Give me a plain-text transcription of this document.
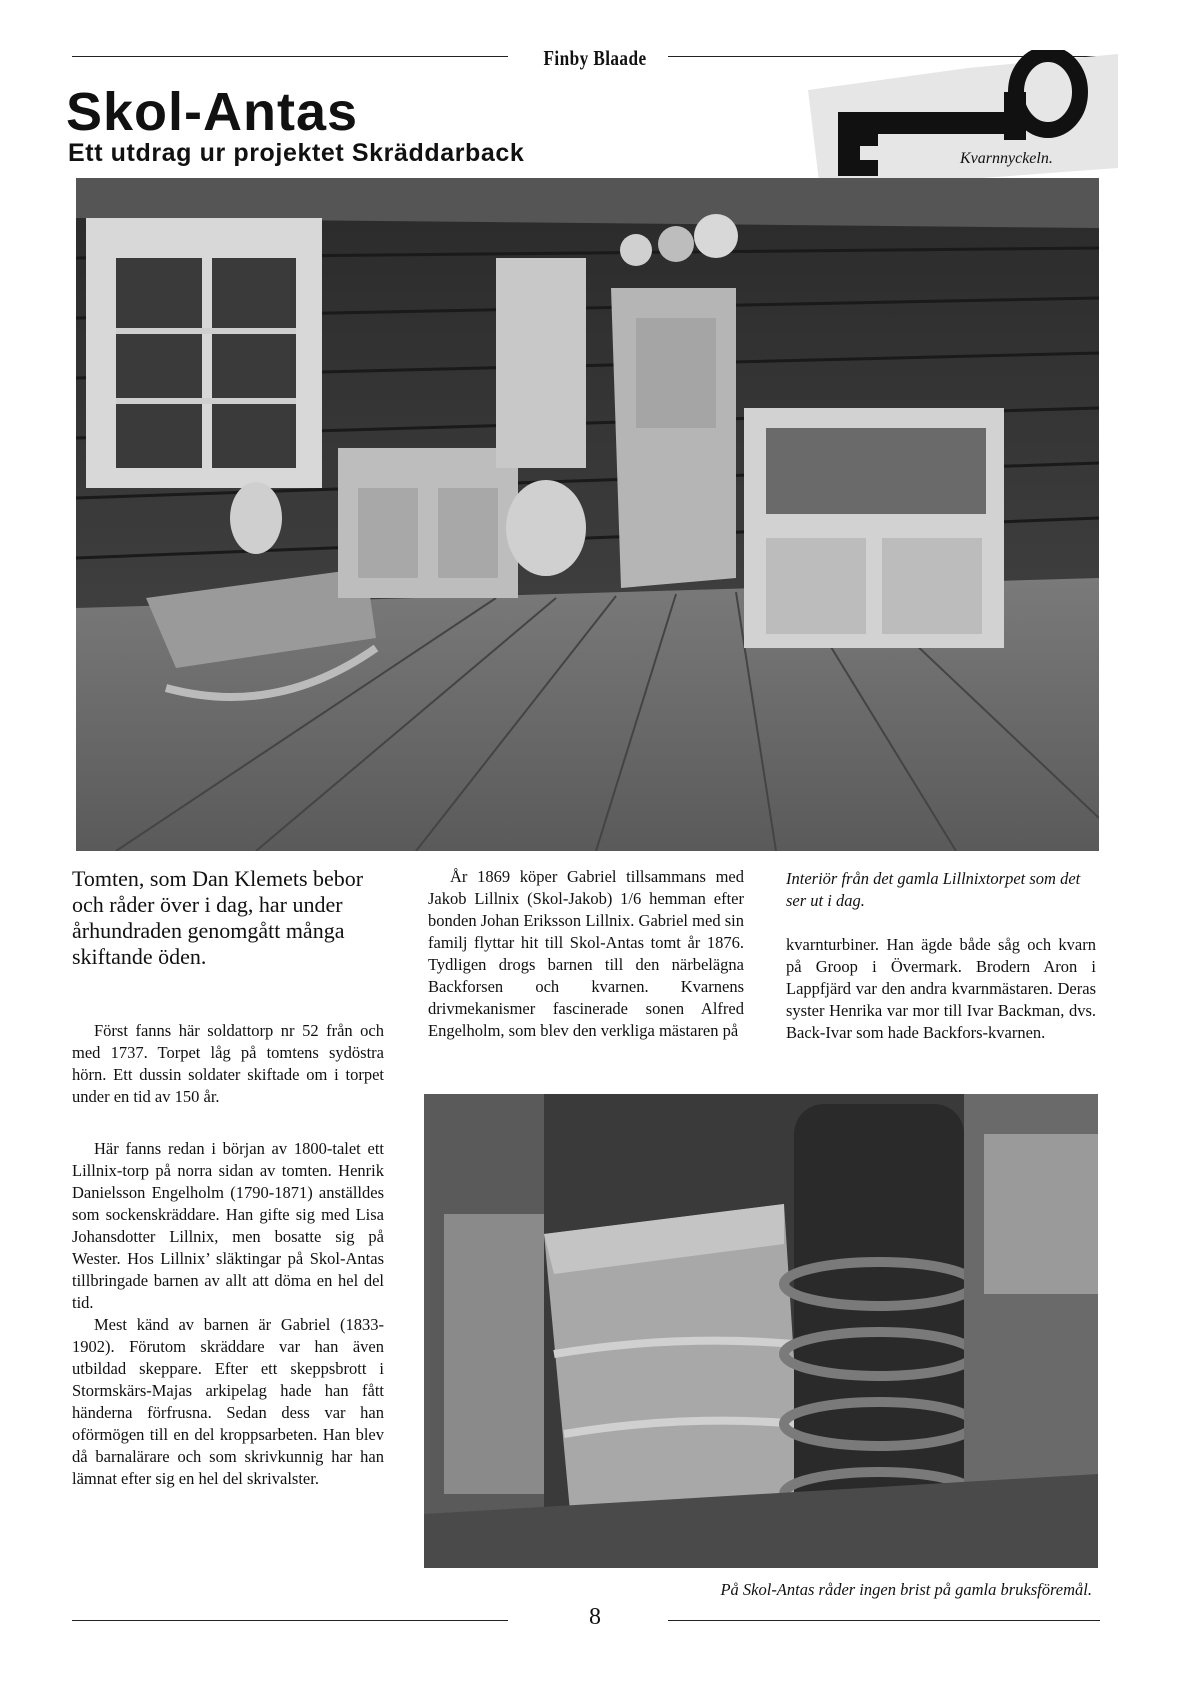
Finby Blaade
Skol-Antas
Ett utdrag ur projektet Skräddarback	Kvarnnyckeln.
Tomten, som Dan Klemets bebor och råder över i dag, har under århundraden genomgått många skiftande öden.

Först fanns här soldattorp nr 52 från och med 1737. Torpet låg på tomtens sydöstra hörn. Ett dussin soldater skiftade om i torpet under en tid av 150 år.

Här fanns redan i början av 1800-talet ett Lillnix-torp på norra sidan av tomten. Henrik Danielsson Engelholm (1790-1871) anställdes som sockenskräddare. Han gifte sig med Lisa Johansdotter Lillnix, men bosatte sig på Wester. Hos Lillnix’ släktingar på Skol-Antas tillbringade barnen av allt att döma en hel del tid.

Mest känd av barnen är Gabriel (1833-1902). Förutom skräddare var han även utbildad skeppare. Efter ett skeppsbrott i Stormskärs-Majas arkipelag hade han fått händerna förfrusna. Sedan dess var han oförmögen till en del kroppsarbeten. Han blev då barnalärare och som skrivkunnig har han lämnat efter sig en hel del skrivalster.

År 1869 köper Gabriel tillsammans med Jakob Lillnix (Skol-Jakob) 1/6 hemman efter bonden Johan Eriksson Lillnix. Gabriel med sin familj flyttar hit till Skol-Antas tomt år 1876. Tydligen drogs barnen till den närbelägna Backforsen och kvarnen. Kvarnens drivmekanismer fascinerade sonen Alfred Engelholm, som blev den verkliga mästaren på

Interiör från det gamla Lillnixtorpet som det ser ut i dag.

kvarnturbiner. Han ägde både såg och kvarn på Groop i Övermark. Brodern Aron i Lappfjärd var den andra kvarnmästaren. Deras syster Henrika var mor till Ivar Backman, dvs. Back-Ivar som hade Backfors-kvarnen.

På Skol-Antas råder ingen brist på gamla bruksföremål.
8
